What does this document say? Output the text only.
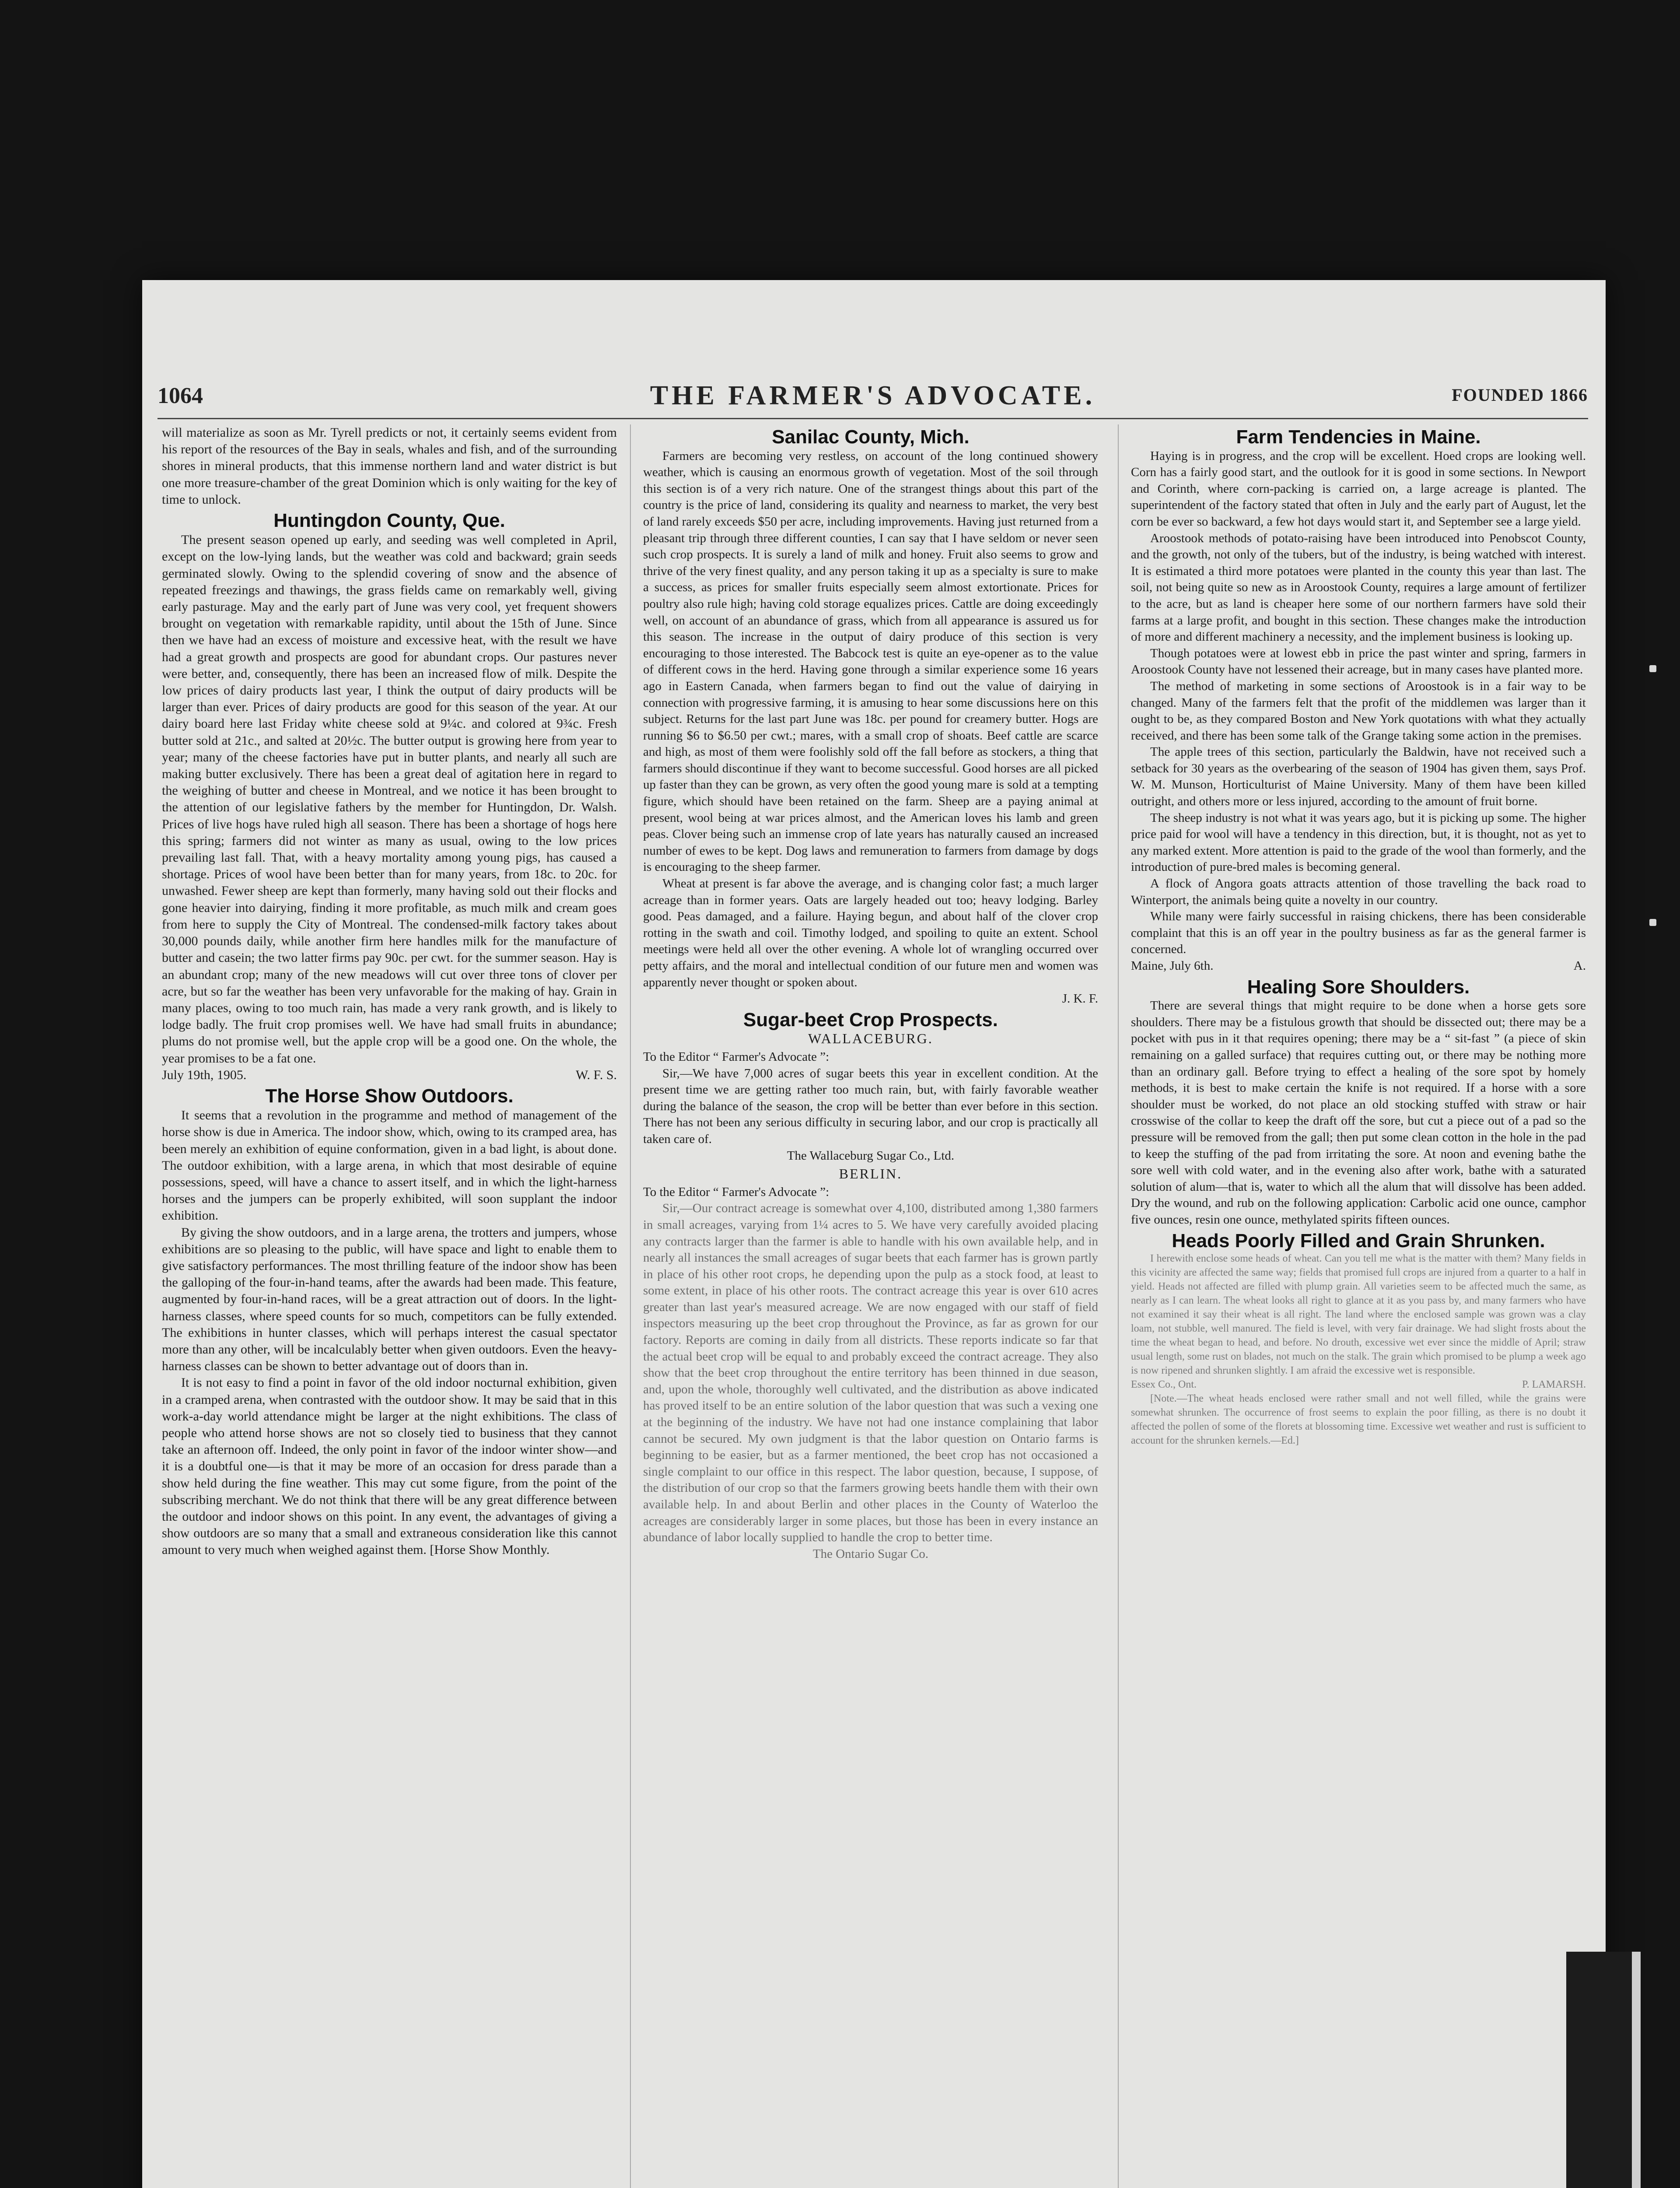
1064	THE FARMER'S ADVOCATE.	FOUNDED 1866

will materialize as soon as Mr. Tyrell predicts or not, it certainly seems evident from his report of the resources of the Bay in seals, whales and fish, and of the surrounding shores in mineral products, that this immense northern land and water district is but one more treasure-chamber of the great Dominion which is only waiting for the key of time to unlock.

Huntingdon County, Que.

The present season opened up early, and seeding was well completed in April, except on the low-lying lands, but the weather was cold and backward; grain seeds germinated slowly. Owing to the splendid covering of snow and the absence of repeated freezings and thawings, the grass fields came on remarkably well, giving early pasturage. May and the early part of June was very cool, yet frequent showers brought on vegetation with remarkable rapidity, until about the 15th of June. Since then we have had an excess of moisture and excessive heat, with the result we have had a great growth and prospects are good for abundant crops. Our pastures never were better, and, consequently, there has been an increased flow of milk. Despite the low prices of dairy products last year, I think the output of dairy products will be larger than ever. Prices of dairy products are good for this season of the year. At our dairy board here last Friday white cheese sold at 9¼c. and colored at 9¾c. Fresh butter sold at 21c., and salted at 20½c. The butter output is growing here from year to year; many of the cheese factories have put in butter plants, and nearly all such are making butter exclusively. There has been a great deal of agitation here in regard to the weighing of butter and cheese in Montreal, and we notice it has been brought to the attention of our legislative fathers by the member for Huntingdon, Dr. Walsh. Prices of live hogs have ruled high all season. There has been a shortage of hogs here this spring; farmers did not winter as many as usual, owing to the low prices prevailing last fall. That, with a heavy mortality among young pigs, has caused a shortage. Prices of wool have been better than for many years, from 18c. to 20c. for unwashed. Fewer sheep are kept than formerly, many having sold out their flocks and gone heavier into dairying, finding it more profitable, as much milk and cream goes from here to supply the City of Montreal. The condensed-milk factory takes about 30,000 pounds daily, while another firm here handles milk for the manufacture of butter and casein; the two latter firms pay 90c. per cwt. for the summer season. Hay is an abundant crop; many of the new meadows will cut over three tons of clover per acre, but so far the weather has been very unfavorable for the making of hay. Grain in many places, owing to too much rain, has made a very rank growth, and is likely to lodge badly. The fruit crop promises well. We have had small fruits in abundance; plums do not promise well, but the apple crop will be a good one. On the whole, the year promises to be a fat one.

July 19th, 1905.	W. F. S.

The Horse Show Outdoors.

It seems that a revolution in the programme and method of management of the horse show is due in America. The indoor show, which, owing to its cramped area, has been merely an exhibition of equine conformation, given in a bad light, is about done. The outdoor exhibition, with a large arena, in which that most desirable of equine possessions, speed, will have a chance to assert itself, and in which the light-harness horses and the jumpers can be properly exhibited, will soon supplant the indoor exhibition.

By giving the show outdoors, and in a large arena, the trotters and jumpers, whose exhibitions are so pleasing to the public, will have space and light to enable them to give satisfactory performances. The most thrilling feature of the indoor show has been the galloping of the four-in-hand teams, after the awards had been made. This feature, augmented by four-in-hand races, will be a great attraction out of doors. In the light-harness classes, where speed counts for so much, competitors can be fully extended. The exhibitions in hunter classes, which will perhaps interest the casual spectator more than any other, will be incalculably better when given outdoors. Even the heavy-harness classes can be shown to better advantage out of doors than in.

It is not easy to find a point in favor of the old indoor nocturnal exhibition, given in a cramped arena, when contrasted with the outdoor show. It may be said that in this work-a-day world attendance might be larger at the night exhibitions. The class of people who attend horse shows are not so closely tied to business that they cannot take an afternoon off. Indeed, the only point in favor of the indoor winter show—and it is a doubtful one—is that it may be more of an occasion for dress parade than a show held during the fine weather. This may cut some figure, from the point of the subscribing merchant. We do not think that there will be any great difference between the outdoor and indoor shows on this point. In any event, the advantages of giving a show outdoors are so many that a small and extraneous consideration like this cannot amount to very much when weighed against them. [Horse Show Monthly.

Sanilac County, Mich.

Farmers are becoming very restless, on account of the long continued showery weather, which is causing an enormous growth of vegetation. Most of the soil through this section is of a very rich nature. One of the strangest things about this part of the country is the price of land, considering its quality and nearness to market, the very best of land rarely exceeds $50 per acre, including improvements. Having just returned from a pleasant trip through three different counties, I can say that I have seldom or never seen such crop prospects. It is surely a land of milk and honey. Fruit also seems to grow and thrive of the very finest quality, and any person taking it up as a specialty is sure to make a success, as prices for smaller fruits especially seem almost extortionate. Prices for poultry also rule high; having cold storage equalizes prices. Cattle are doing exceedingly well, on account of an abundance of grass, which from all appearance is assured us for this season. The increase in the output of dairy produce of this section is very encouraging to those interested. The Babcock test is quite an eye-opener as to the value of different cows in the herd. Having gone through a similar experience some 16 years ago in Eastern Canada, when farmers began to find out the value of dairying in connection with progressive farming, it is amusing to hear some discussions here on this subject. Returns for the last part June was 18c. per pound for creamery butter. Hogs are running $6 to $6.50 per cwt.; mares, with a small crop of shoats. Beef cattle are scarce and high, as most of them were foolishly sold off the fall before as stockers, a thing that farmers should discontinue if they want to become successful. Good horses are all picked up faster than they can be grown, as very often the good young mare is sold at a tempting figure, which should have been retained on the farm. Sheep are a paying animal at present, wool being at war prices almost, and the American loves his lamb and green peas. Clover being such an immense crop of late years has naturally caused an increased number of ewes to be kept. Dog laws and remuneration to farmers from damage by dogs is encouraging to the sheep farmer.

Wheat at present is far above the average, and is changing color fast; a much larger acreage than in former years. Oats are largely headed out too; heavy lodging. Barley good. Peas damaged, and a failure. Haying begun, and about half of the clover crop rotting in the swath and coil. Timothy lodged, and spoiling to quite an extent. School meetings were held all over the other evening. A whole lot of wrangling occurred over petty affairs, and the moral and intellectual condition of our future men and women was apparently never thought or spoken about.

J. K. F.

Sugar-beet Crop Prospects.
WALLACEBURG.

To the Editor “ Farmer's Advocate ”:

Sir,—We have 7,000 acres of sugar beets this year in excellent condition. At the present time we are getting rather too much rain, but, with fairly favorable weather during the balance of the season, the crop will be better than ever before in this section. There has not been any serious difficulty in securing labor, and our crop is practically all taken care of.

The Wallaceburg Sugar Co., Ltd.

BERLIN.

To the Editor “ Farmer's Advocate ”:

Sir,—Our contract acreage is somewhat over 4,100, distributed among 1,380 farmers in small acreages, varying from 1¼ acres to 5. We have very carefully avoided placing any contracts larger than the farmer is able to handle with his own available help, and in nearly all instances the small acreages of sugar beets that each farmer has is grown partly in place of his other root crops, he depending upon the pulp as a stock food, at least to some extent, in place of his other roots. The contract acreage this year is over 610 acres greater than last year's measured acreage. We are now engaged with our staff of field inspectors measuring up the beet crop throughout the Province, as far as grown for our factory. Reports are coming in daily from all districts. These reports indicate so far that the actual beet crop will be equal to and probably exceed the contract acreage. They also show that the beet crop throughout the entire territory has been thinned in due season, and, upon the whole, thoroughly well cultivated, and the distribution as above indicated has proved itself to be an entire solution of the labor question that was such a vexing one at the beginning of the industry. We have not had one instance complaining that labor cannot be secured. My own judgment is that the labor question on Ontario farms is beginning to be easier, but as a farmer mentioned, the beet crop has not occasioned a single complaint to our office in this respect. The labor question, because, I suppose, of the distribution of our crop so that the farmers growing beets handle them with their own available help. In and about Berlin and other places in the County of Waterloo the acreages are considerably larger in some places, but those has been in every instance an abundance of labor locally supplied to handle the crop to better time.

The Ontario Sugar Co.

Farm Tendencies in Maine.

Haying is in progress, and the crop will be excellent. Hoed crops are looking well. Corn has a fairly good start, and the outlook for it is good in some sections. In Newport and Corinth, where corn-packing is carried on, a large acreage is planted. The superintendent of the factory stated that often in July and the early part of August, let the corn be ever so backward, a few hot days would start it, and September see a large yield.

Aroostook methods of potato-raising have been introduced into Penobscot County, and the growth, not only of the tubers, but of the industry, is being watched with interest. It is estimated a third more potatoes were planted in the county this year than last. The soil, not being quite so new as in Aroostook County, requires a large amount of fertilizer to the acre, but as land is cheaper here some of our northern farmers have sold their farms at a large profit, and bought in this section. These changes make the introduction of more and different machinery a necessity, and the implement business is looking up.

Though potatoes were at lowest ebb in price the past winter and spring, farmers in Aroostook County have not lessened their acreage, but in many cases have planted more.

The method of marketing in some sections of Aroostook is in a fair way to be changed. Many of the farmers felt that the profit of the middlemen was larger than it ought to be, as they compared Boston and New York quotations with what they actually received, and there has been some talk of the Grange taking some action in the premises.

The apple trees of this section, particularly the Baldwin, have not received such a setback for 30 years as the overbearing of the season of 1904 has given them, says Prof. W. M. Munson, Horticulturist of Maine University. Many of them have been killed outright, and others more or less injured, according to the amount of fruit borne.

The sheep industry is not what it was years ago, but it is picking up some. The higher price paid for wool will have a tendency in this direction, but, it is thought, not as yet to any marked extent. More attention is paid to the grade of the wool than formerly, and the introduction of pure-bred males is becoming general.

A flock of Angora goats attracts attention of those travelling the back road to Winterport, the animals being quite a novelty in our country.

While many were fairly successful in raising chickens, there has been considerable complaint that this is an off year in the poultry business as far as the general farmer is concerned.

Maine, July 6th.	A.

Healing Sore Shoulders.

There are several things that might require to be done when a horse gets sore shoulders. There may be a fistulous growth that should be dissected out; there may be a pocket with pus in it that requires opening; there may be a “ sit-fast ” (a piece of skin remaining on a galled surface) that requires cutting out, or there may be nothing more than an ordinary gall. Before trying to effect a healing of the sore spot by homely methods, it is best to make certain the knife is not required. If a horse with a sore shoulder must be worked, do not place an old stocking stuffed with straw or hair crosswise of the collar to keep the draft off the sore, but cut a piece out of a pad so the pressure will be removed from the gall; then put some clean cotton in the hole in the pad to keep the stuffing of the pad from irritating the sore. At noon and evening bathe the sore well with cold water, and in the evening also after work, bathe with a saturated solution of alum—that is, water to which all the alum that will dissolve has been added. Dry the wound, and rub on the following application: Carbolic acid one ounce, camphor five ounces, resin one ounce, methylated spirits fifteen ounces.

Heads Poorly Filled and Grain Shrunken.

I herewith enclose some heads of wheat. Can you tell me what is the matter with them? Many fields in this vicinity are affected the same way; fields that promised full crops are injured from a quarter to a half in yield. Heads not affected are filled with plump grain. All varieties seem to be affected much the same, as nearly as I can learn. The wheat looks all right to glance at it as you pass by, and many farmers who have not examined it say their wheat is all right. The land where the enclosed sample was grown was a clay loam, not stubble, well manured. The field is level, with very fair drainage. We had slight frosts about the time the wheat began to head, and before. No drouth, excessive wet ever since the middle of April; straw usual length, some rust on blades, not much on the stalk. The grain which promised to be plump a week ago is now ripened and shrunken slightly. I am afraid the excessive wet is responsible.

Essex Co., Ont.	P. LAMARSH.

[Note.—The wheat heads enclosed were rather small and not well filled, while the grains were somewhat shrunken. The occurrence of frost seems to explain the poor filling, as there is no doubt it affected the pollen of some of the florets at blossoming time. Excessive wet weather and rust is sufficient to account for the shrunken kernels.—Ed.]
